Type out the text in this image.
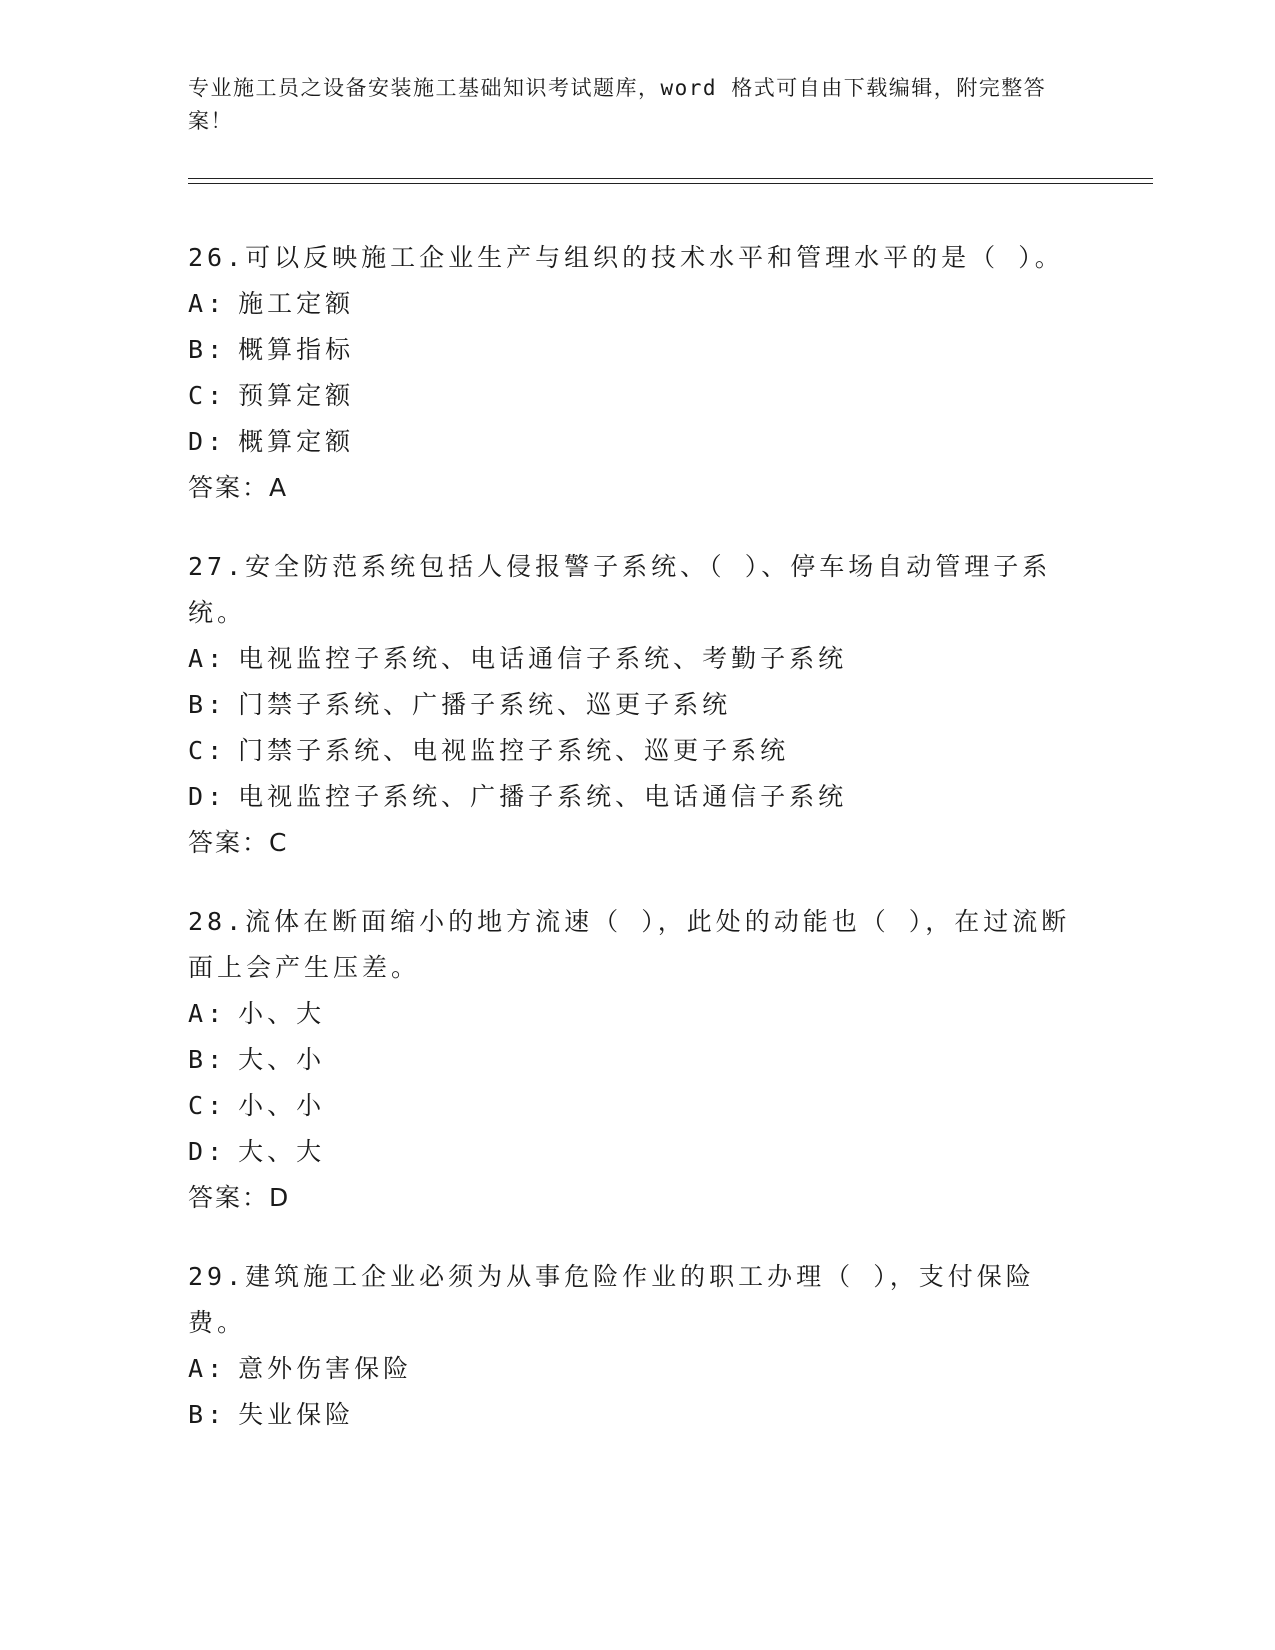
专业施工员之设备安装施工基础知识考试题库，word 格式可自由下载编辑，附完整答案！
26.可以反映施工企业生产与组织的技术水平和管理水平的是（ ）。
A: 施工定额
B: 概算指标
C: 预算定额
D: 概算定额
答案：A
27.安全防范系统包括人侵报警子系统、（ ）、停车场自动管理子系统。
A: 电视监控子系统、电话通信子系统、考勤子系统
B: 门禁子系统、广播子系统、巡更子系统
C: 门禁子系统、电视监控子系统、巡更子系统
D: 电视监控子系统、广播子系统、电话通信子系统
答案：C
28.流体在断面缩小的地方流速（ ），此处的动能也（ ），在过流断面上会产生压差。
A: 小、大
B: 大、小
C: 小、小
D: 大、大
答案：D
29.建筑施工企业必须为从事危险作业的职工办理（ ），支付保险费。
A: 意外伤害保险
B: 失业保险
